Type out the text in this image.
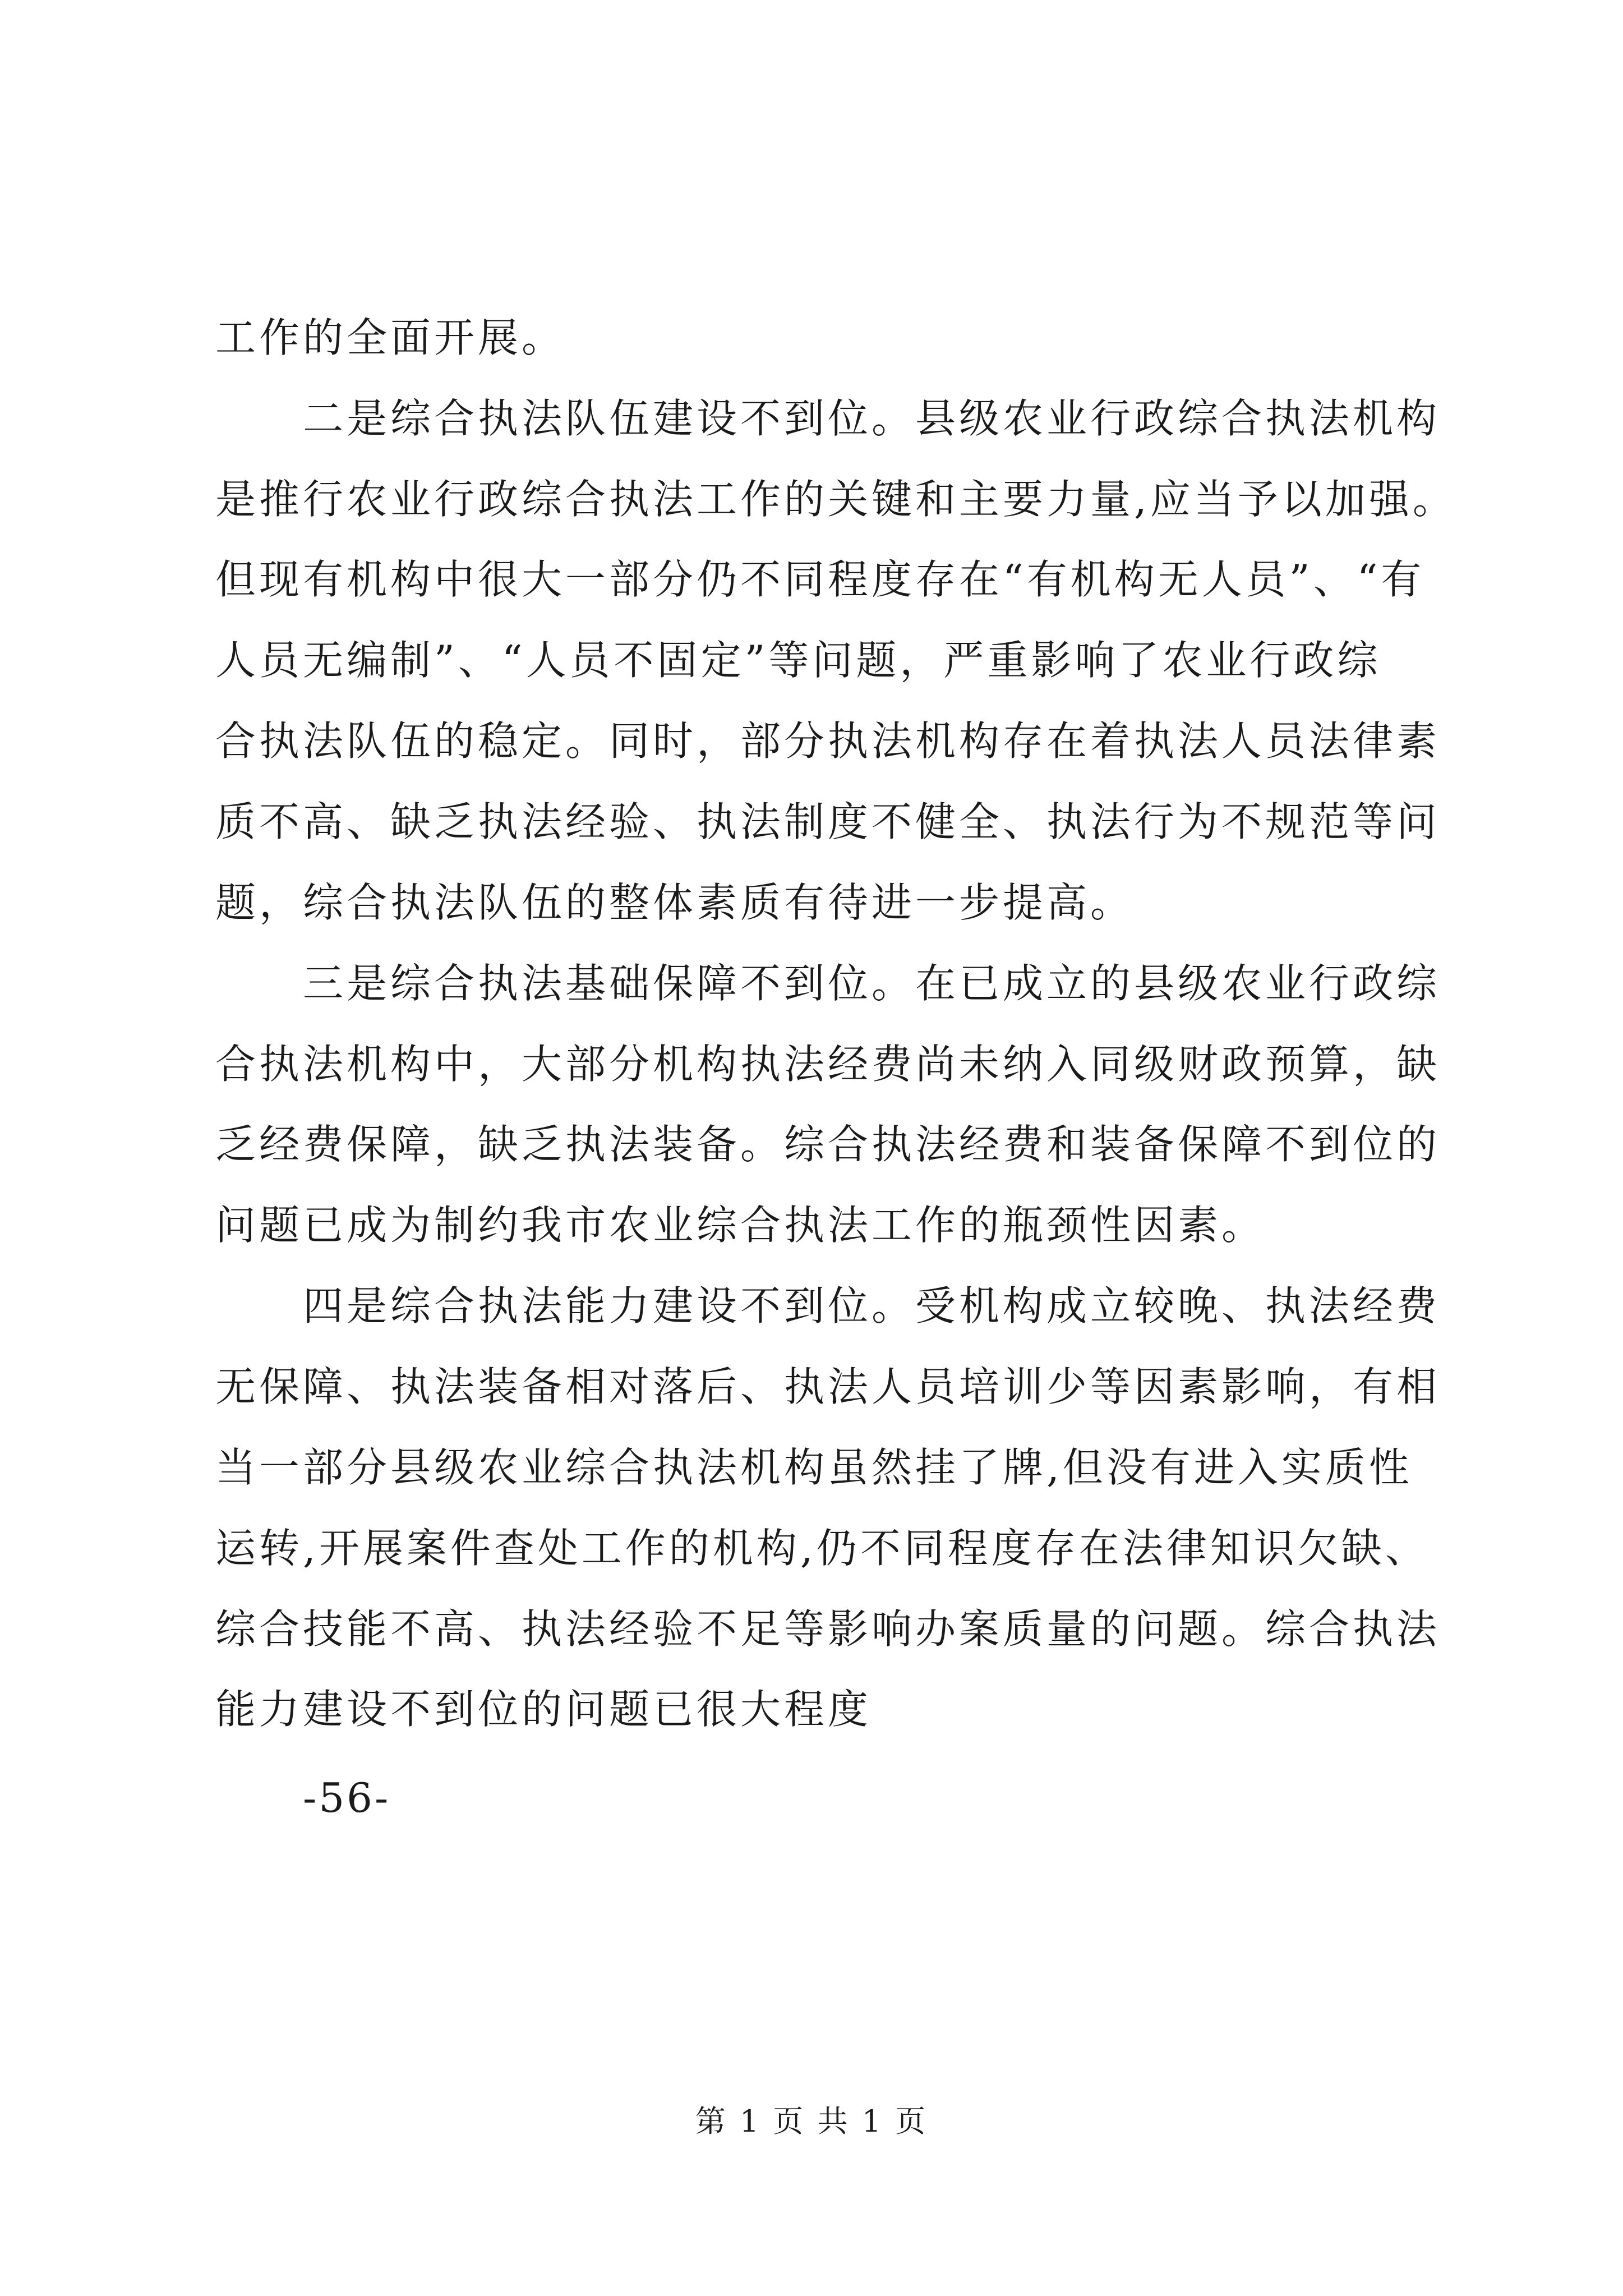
工作的全面开展。
二是综合执法队伍建设不到位。县级农业行政综合执法机构
是推行农业行政综合执法工作的关键和主要力量,应当予以加强。
但现有机构中很大一部分仍不同程度存在“有机构无人员”、“有
人员无编制”、“人员不固定”等问题，严重影响了农业行政综
合执法队伍的稳定。同时，部分执法机构存在着执法人员法律素
质不高、缺乏执法经验、执法制度不健全、执法行为不规范等问
题，综合执法队伍的整体素质有待进一步提高。
三是综合执法基础保障不到位。在已成立的县级农业行政综
合执法机构中，大部分机构执法经费尚未纳入同级财政预算，缺
乏经费保障，缺乏执法装备。综合执法经费和装备保障不到位的
问题已成为制约我市农业综合执法工作的瓶颈性因素。
四是综合执法能力建设不到位。受机构成立较晚、执法经费
无保障、执法装备相对落后、执法人员培训少等因素影响，有相
当一部分县级农业综合执法机构虽然挂了牌,但没有进入实质性
运转,开展案件查处工作的机构,仍不同程度存在法律知识欠缺、
综合技能不高、执法经验不足等影响办案质量的问题。综合执法
能力建设不到位的问题已很大程度
-56-
第 1 页 共 1 页
